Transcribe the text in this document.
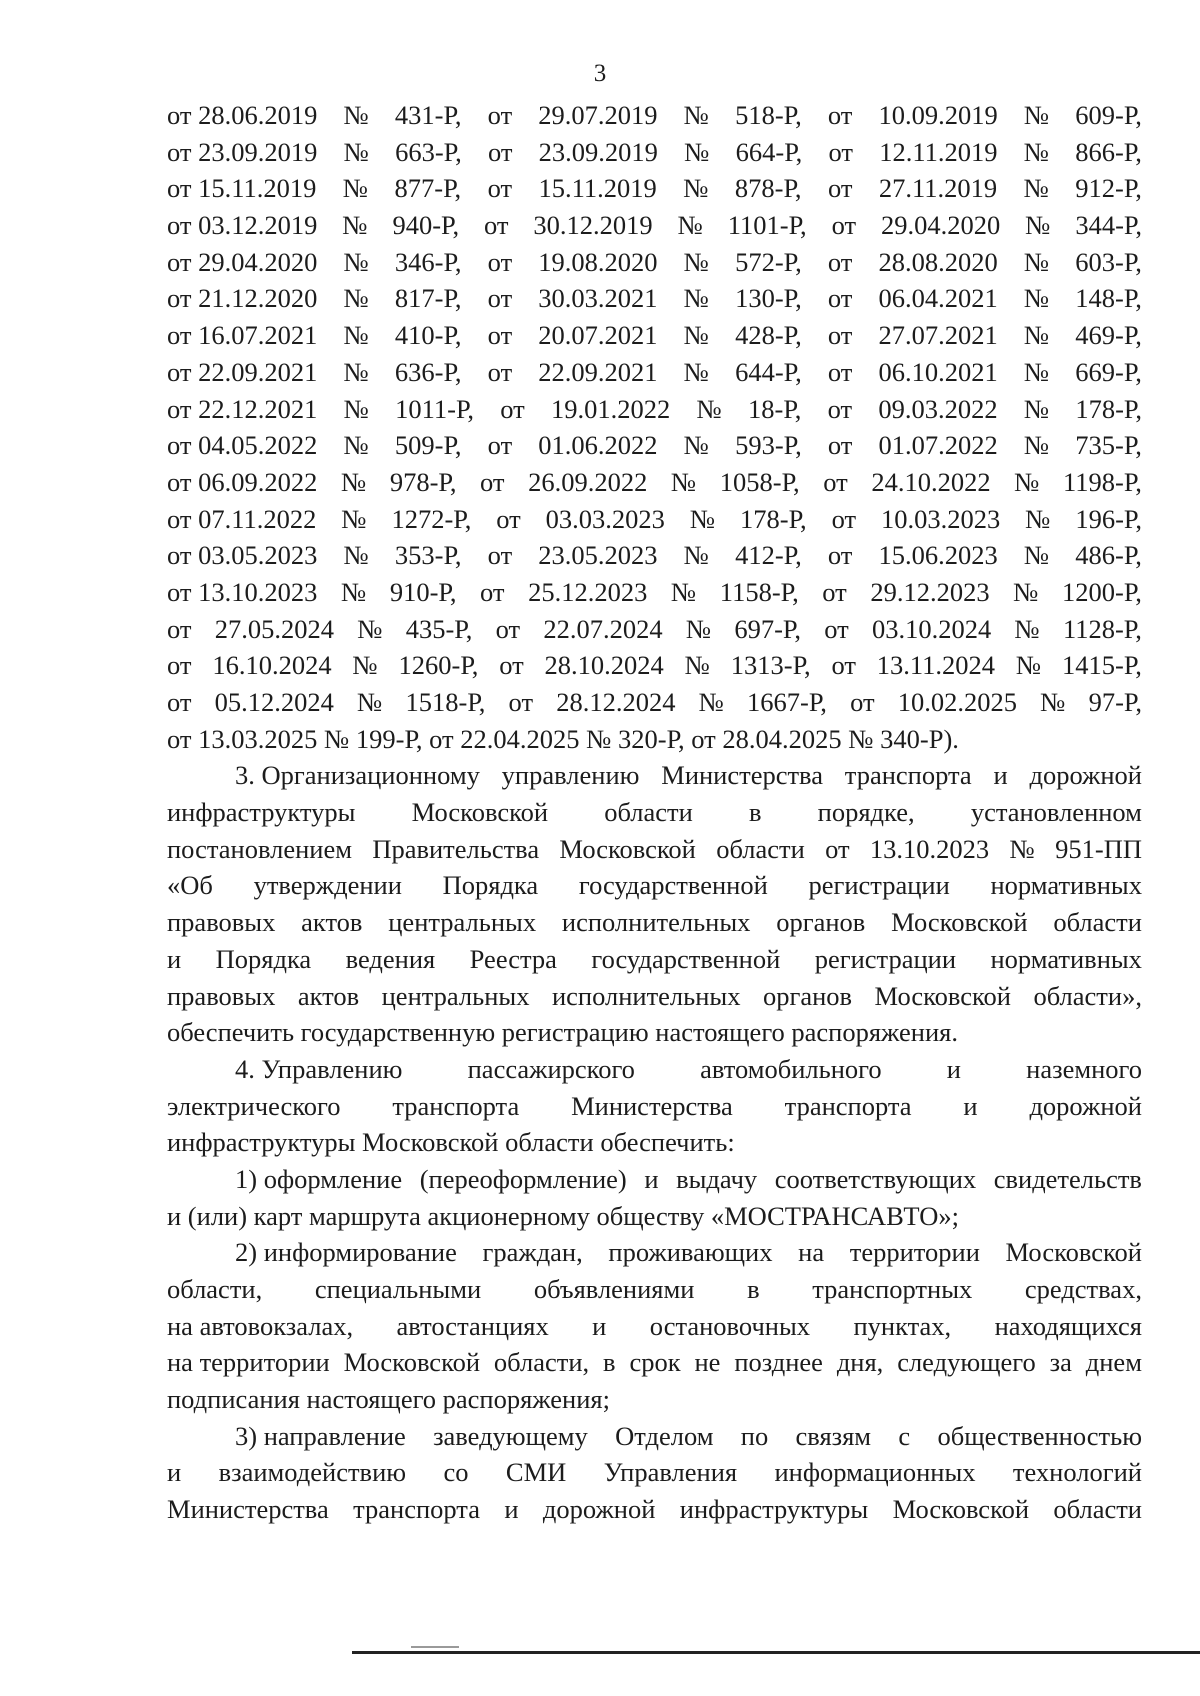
3
от 28.06.2019 № 431-Р, от 29.07.2019 № 518-Р, от 10.09.2019 № 609-Р,
от 23.09.2019 № 663-Р, от 23.09.2019 № 664-Р, от 12.11.2019 № 866-Р,
от 15.11.2019 № 877-Р, от 15.11.2019 № 878-Р, от 27.11.2019 № 912-Р,
от 03.12.2019 № 940-Р, от 30.12.2019 № 1101-Р, от 29.04.2020 № 344-Р,
от 29.04.2020 № 346-Р, от 19.08.2020 № 572-Р, от 28.08.2020 № 603-Р,
от 21.12.2020 № 817-Р, от 30.03.2021 № 130-Р, от 06.04.2021 № 148-Р,
от 16.07.2021 № 410-Р, от 20.07.2021 № 428-Р, от 27.07.2021 № 469-Р,
от 22.09.2021 № 636-Р, от 22.09.2021 № 644-Р, от 06.10.2021 № 669-Р,
от 22.12.2021 № 1011-Р, от 19.01.2022 № 18-Р, от 09.03.2022 № 178-Р,
от 04.05.2022 № 509-Р, от 01.06.2022 № 593-Р, от 01.07.2022 № 735-Р,
от 06.09.2022 № 978-Р, от 26.09.2022 № 1058-Р, от 24.10.2022 № 1198-Р,
от 07.11.2022 № 1272-Р, от 03.03.2023 № 178-Р, от 10.03.2023 № 196-Р,
от 03.05.2023 № 353-Р, от 23.05.2023 № 412-Р, от 15.06.2023 № 486-Р,
от 13.10.2023 № 910-Р, от 25.12.2023 № 1158-Р, от 29.12.2023 № 1200-Р,
от 27.05.2024 № 435-Р, от 22.07.2024 № 697-Р, от 03.10.2024 № 1128-Р,
от 16.10.2024 № 1260-Р, от 28.10.2024 № 1313-Р, от 13.11.2024 № 1415-Р,
от 05.12.2024 № 1518-Р, от 28.12.2024 № 1667-Р, от 10.02.2025 № 97-Р,
от 13.03.2025 № 199-Р, от 22.04.2025 № 320-Р, от 28.04.2025 № 340-Р).
3. Организационному управлению Министерства транспорта и дорожной
инфраструктуры Московской области в порядке, установленном
постановлением Правительства Московской области от 13.10.2023 № 951-ПП
«Об утверждении Порядка государственной регистрации нормативных
правовых актов центральных исполнительных органов Московской области
и Порядка ведения Реестра государственной регистрации нормативных
правовых актов центральных исполнительных органов Московской области»,
обеспечить государственную регистрацию настоящего распоряжения.
4. Управлению пассажирского автомобильного и наземного
электрического транспорта Министерства транспорта и дорожной
инфраструктуры Московской области обеспечить:
1) оформление (переоформление) и выдачу соответствующих свидетельств
и (или) карт маршрута акционерному обществу «МОСТРАНСАВТО»;
2) информирование граждан, проживающих на территории Московской
области, специальными объявлениями в транспортных средствах,
на автовокзалах, автостанциях и остановочных пунктах, находящихся
на территории Московской области, в срок не позднее дня, следующего за днем
подписания настоящего распоряжения;
3) направление заведующему Отделом по связям с общественностью
и взаимодействию со СМИ Управления информационных технологий
Министерства транспорта и дорожной инфраструктуры Московской области
